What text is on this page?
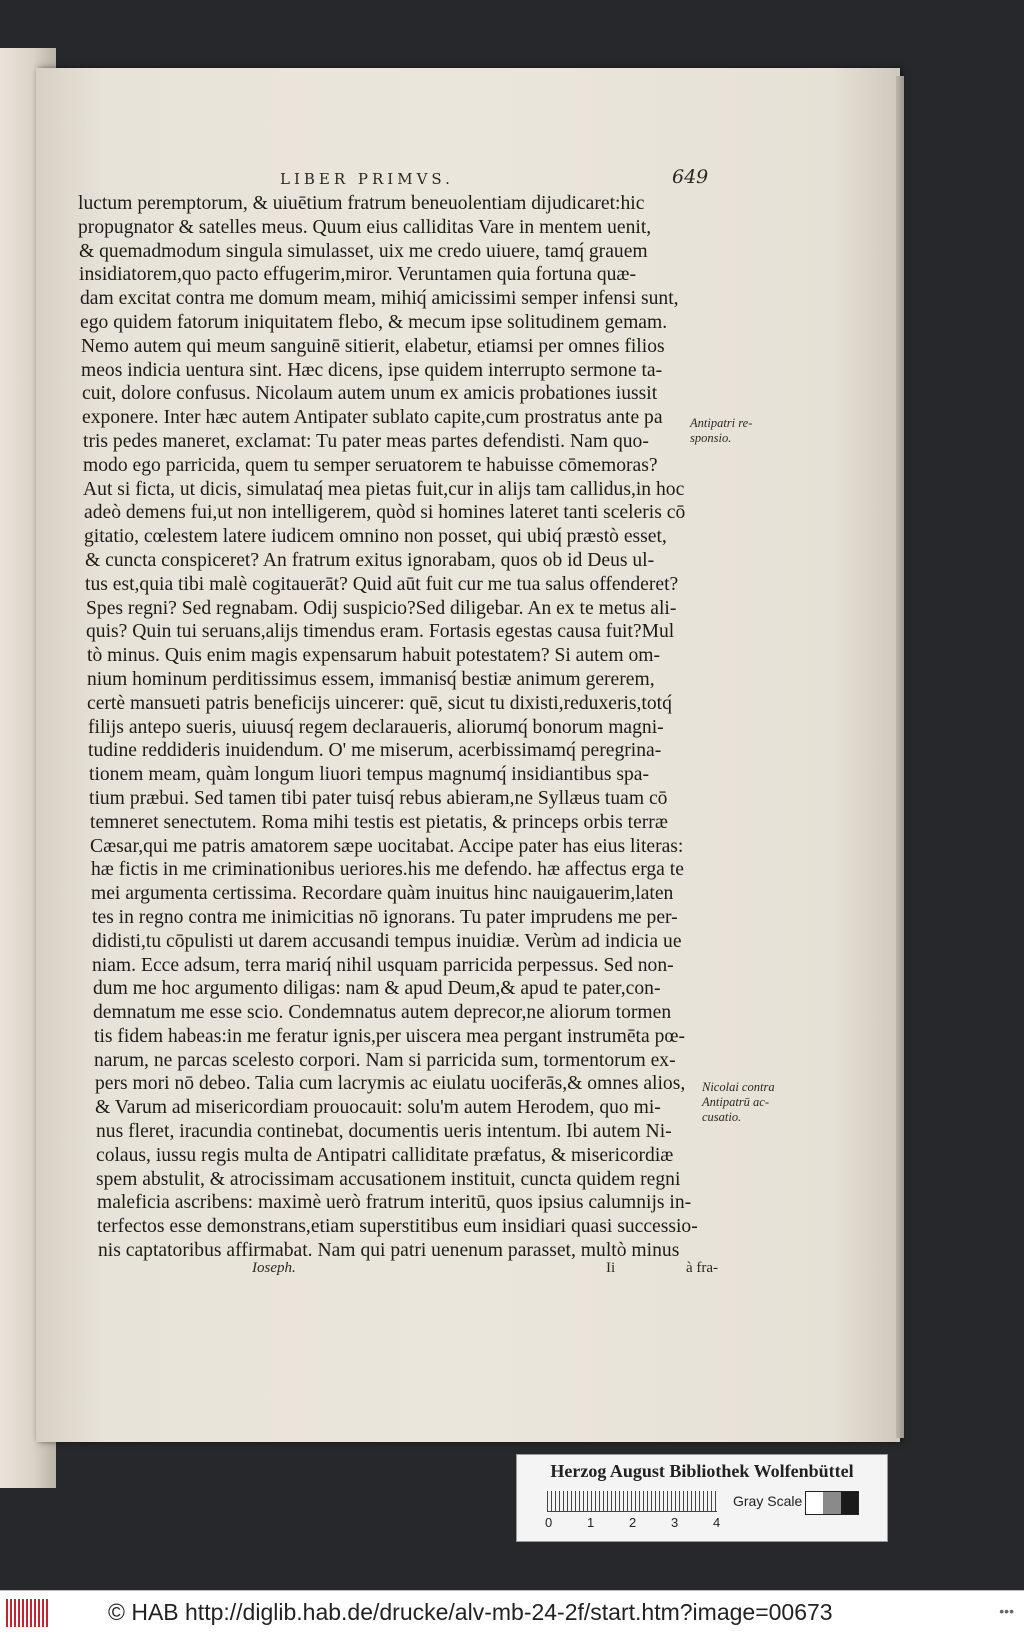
LIBER PRIMVS.	649
luctum peremptorum, & uiuētium fratrum beneuolentiam dijudicaret:hic
propugnator & satelles meus. Quum eius calliditas Vare in mentem uenit,
& quemadmodum singula simulasset, uix me credo uiuere, tamq́ grauem
insidiatorem,quo pacto effugerim,miror. Veruntamen quia fortuna quæ-
dam excitat contra me domum meam, mihiq́ amicissimi semper infensi sunt,
ego quidem fatorum iniquitatem flebo, & mecum ipse solitudinem gemam.
Nemo autem qui meum sanguinē sitierit, elabetur, etiamsi per omnes filios
meos indicia uentura sint. Hæc dicens, ipse quidem interrupto sermone ta-
cuit, dolore confusus. Nicolaum autem unum ex amicis probationes iussit
exponere. Inter hæc autem Antipater sublato capite,cum prostratus ante pa
tris pedes maneret, exclamat: Tu pater meas partes defendisti. Nam quo-
modo ego parricida, quem tu semper seruatorem te habuisse cōmemoras?
Aut si ficta, ut dicis, simulataq́ mea pietas fuit,cur in alijs tam callidus,in hoc
adeò demens fui,ut non intelligerem, quòd si homines lateret tanti sceleris cō
gitatio, cœlestem latere iudicem omnino non posset, qui ubiq́ præstò esset,
& cuncta conspiceret? An fratrum exitus ignorabam, quos ob id Deus ul-
tus est,quia tibi malè cogitauerāt? Quid aūt fuit cur me tua salus offenderet?
Spes regni? Sed regnabam. Odij suspicio?Sed diligebar. An ex te metus ali-
quis? Quin tui seruans,alijs timendus eram. Fortasis egestas causa fuit?Mul
tò minus. Quis enim magis expensarum habuit potestatem? Si autem om-
nium hominum perditissimus essem, immanisq́ bestiæ animum gererem,
certè mansueti patris beneficijs uincerer: quē, sicut tu dixisti,reduxeris,totq́
filijs antepo sueris, uiuusq́ regem declaraueris, aliorumq́ bonorum magni-
tudine reddideris inuidendum. O' me miserum, acerbissimamq́ peregrina-
tionem meam, quàm longum liuori tempus magnumq́ insidiantibus spa-
tium præbui. Sed tamen tibi pater tuisq́ rebus abieram,ne Syllæus tuam cō
temneret senectutem. Roma mihi testis est pietatis, & princeps orbis terræ
Cæsar,qui me patris amatorem sæpe uocitabat. Accipe pater has eius literas:
hæ fictis in me criminationibus ueriores.his me defendo. hæ affectus erga te
mei argumenta certissima. Recordare quàm inuitus hinc nauigauerim,laten
tes in regno contra me inimicitias nō ignorans. Tu pater imprudens me per-
didisti,tu cōpulisti ut darem accusandi tempus inuidiæ. Verùm ad indicia ue
niam. Ecce adsum, terra mariq́ nihil usquam parricida perpessus. Sed non-
dum me hoc argumento diligas: nam & apud Deum,& apud te pater,con-
demnatum me esse scio. Condemnatus autem deprecor,ne aliorum tormen
tis fidem habeas:in me feratur ignis,per uiscera mea pergant instrumēta pœ-
narum, ne parcas scelesto corpori. Nam si parricida sum, tormentorum ex-
pers mori nō debeo. Talia cum lacrymis ac eiulatu uociferās,& omnes alios,
& Varum ad misericordiam prouocauit: solu'm autem Herodem, quo mi-
nus fleret, iracundia continebat, documentis ueris intentum. Ibi autem Ni-
colaus, iussu regis multa de Antipatri calliditate præfatus, & misericordiæ
spem abstulit, & atrocissimam accusationem instituit, cuncta quidem regni
maleficia ascribens: maximè uerò fratrum interitū, quos ipsius calumnijs in-
terfectos esse demonstrans,etiam superstitibus eum insidiari quasi successio-
nis captatoribus affirmabat. Nam qui patri uenenum parasset, multò minus
Antipatri re-
sponsio.
Nicolai contra
Antipatrū ac-
cusatio.
Ioseph.	Ii	à fra-
Herzog August Bibliothek Wolfenbüttel
0	1	2	3	4
Gray Scale
© HAB http://diglib.hab.de/drucke/alv-mb-24-2f/start.htm?image=00673	•••
